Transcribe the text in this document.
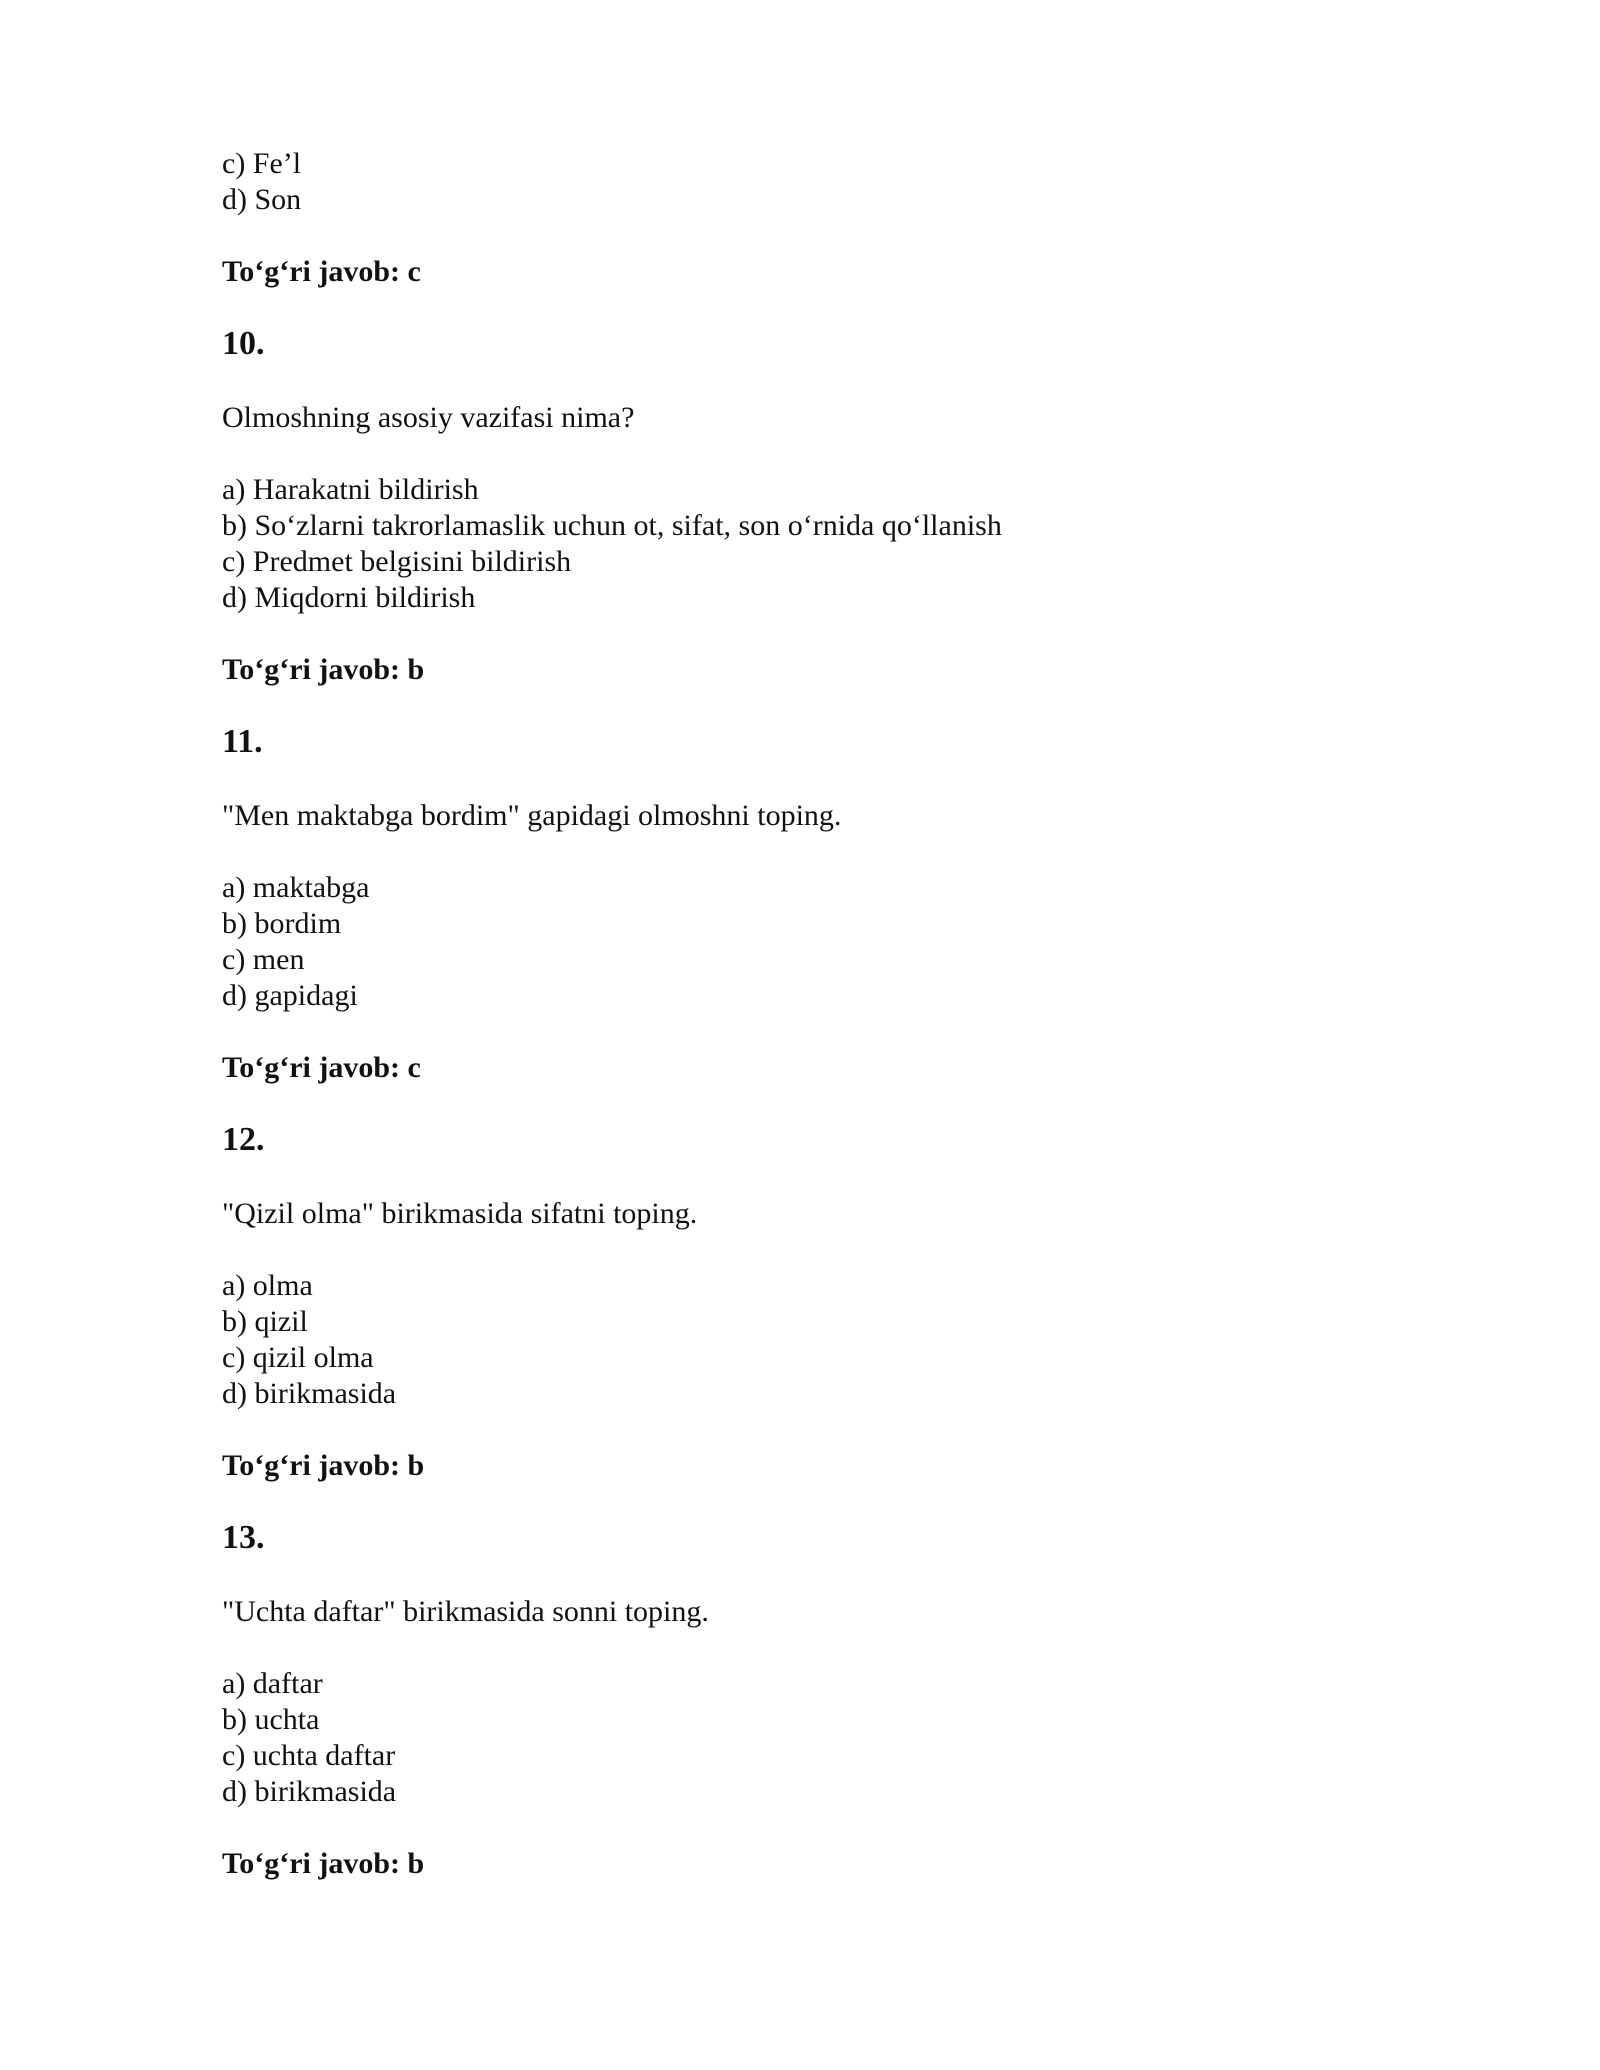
c) Fe’l

d) Son

To‘g‘ri javob: c

10.

Olmoshning asosiy vazifasi nima?

a) Harakatni bildirish

b) So‘zlarni takrorlamaslik uchun ot, sifat, son o‘rnida qo‘llanish

c) Predmet belgisini bildirish

d) Miqdorni bildirish

To‘g‘ri javob: b

11.

"Men maktabga bordim" gapidagi olmoshni toping.

a) maktabga

b) bordim

c) men

d) gapidagi

To‘g‘ri javob: c

12.

"Qizil olma" birikmasida sifatni toping.

a) olma

b) qizil

c) qizil olma

d) birikmasida

To‘g‘ri javob: b

13.

"Uchta daftar" birikmasida sonni toping.

a) daftar

b) uchta

c) uchta daftar

d) birikmasida

To‘g‘ri javob: b
